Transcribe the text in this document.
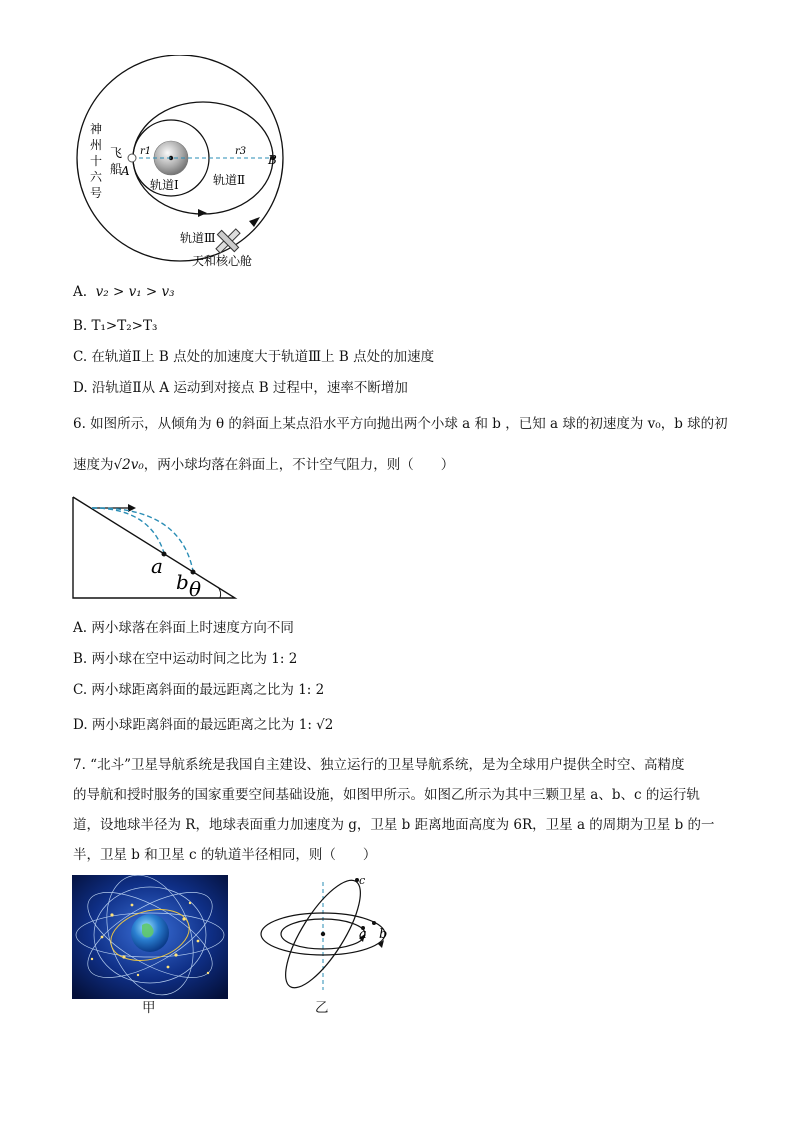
神
州
十
六
号
飞
船
A
B
r1	r3
轨道Ⅰ	轨道Ⅱ
轨道Ⅲ
天和核心舱
A. v₂ > v₁ > v₃
B. T₁>T₂>T₃
C. 在轨道Ⅱ上 B 点处的加速度大于轨道Ⅲ上 B 点处的加速度
D. 沿轨道Ⅱ从 A 运动到对接点 B 过程中，速率不断增加
6. 如图所示，从倾角为 θ 的斜面上某点沿水平方向抛出两个小球 a 和 b ，已知 a 球的初速度为 v₀，b 球的初
速度为√2v₀，两小球均落在斜面上，不计空气阻力，则（　　）
a
b θ
A. 两小球落在斜面上时速度方向不同
B. 两小球在空中运动时间之比为 1: 2
C. 两小球距离斜面的最远距离之比为 1: 2
D. 两小球距离斜面的最远距离之比为 1: √2
7. “北斗”卫星导航系统是我国自主建设、独立运行的卫星导航系统，是为全球用户提供全时空、高精度
的导航和授时服务的国家重要空间基础设施，如图甲所示。如图乙所示为其中三颗卫星 a、b、c 的运行轨
道，设地球半径为 R，地球表面重力加速度为 g，卫星 b 距离地面高度为 6R，卫星 a 的周期为卫星 b 的一
半，卫星 b 和卫星 c 的轨道半径相同，则（　　）
甲
a b
c
乙
